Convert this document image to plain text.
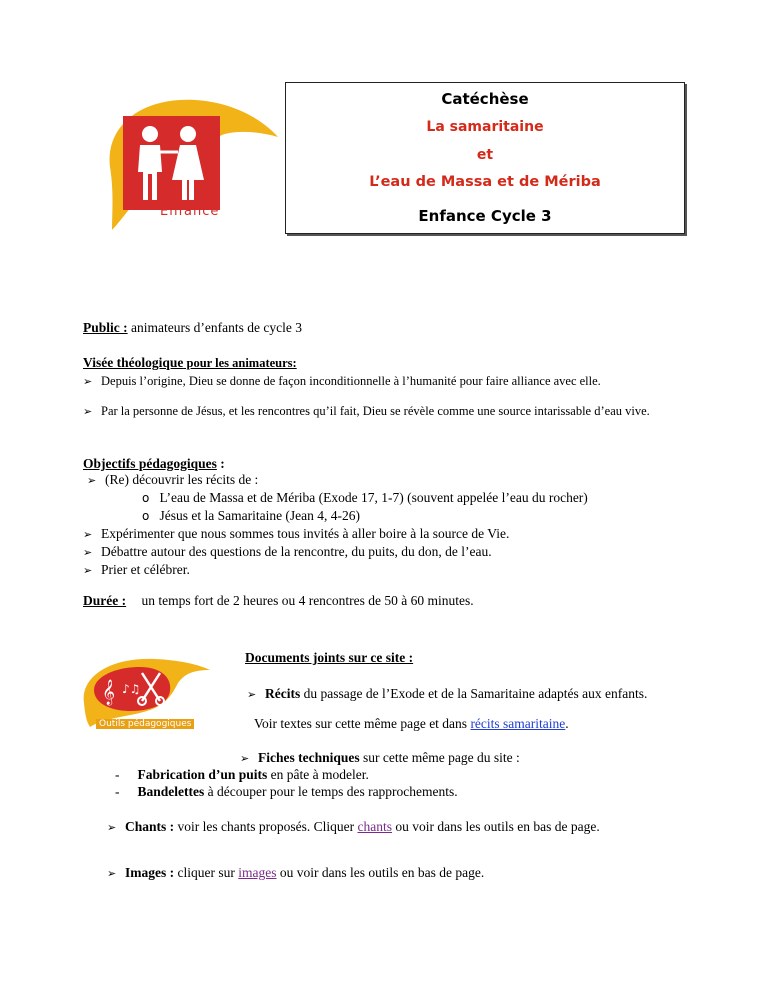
Enfance
Catéchèse
La samaritaine
et
L’eau de Massa et de Mériba
Enfance Cycle 3
Public : animateurs d’enfants de cycle 3
Visée théologique pour les animateurs:
➢ Depuis l’origine, Dieu se donne de façon inconditionnelle à l’humanité pour faire alliance avec elle.
➢ Par la personne de Jésus, et les rencontres qu’il fait, Dieu se révèle comme une source intarissable d’eau vive.
Objectifs pédagogiques :
➢ (Re) découvrir les récits de :
o L’eau de Massa et de Mériba (Exode 17, 1-7) (souvent appelée l’eau du rocher)
o Jésus et la Samaritaine (Jean 4, 4-26)
➢ Expérimenter que nous sommes tous invités à aller boire à la source de Vie.
➢ Débattre autour des questions de la rencontre, du puits, du don, de l’eau.
➢ Prier et célébrer.
Durée : un temps fort de 2 heures ou 4 rencontres de 50 à 60 minutes.
𝄞 ♪♫
Outils pédagogiques
Documents joints sur ce site :
➢ Récits du passage de l’Exode et de la Samaritaine adaptés aux enfants.
Voir textes sur cette même page et dans récits samaritaine.
➢ Fiches techniques sur cette même page du site :
- Fabrication d’un puits en pâte à modeler.
- Bandelettes à découper pour le temps des rapprochements.
➢ Chants : voir les chants proposés. Cliquer chants ou voir dans les outils en bas de page.
➢ Images : cliquer sur images ou voir dans les outils en bas de page.
